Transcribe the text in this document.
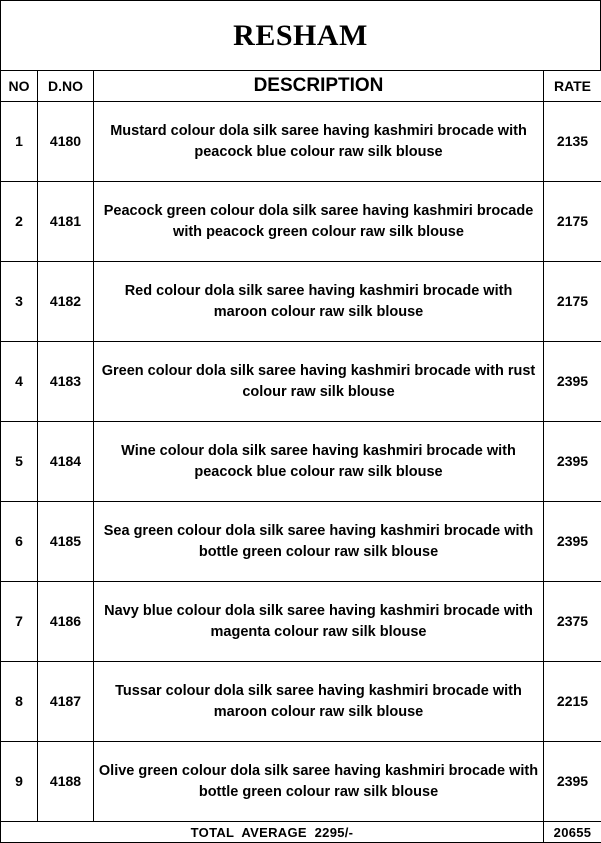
RESHAM
NO	D.NO	DESCRIPTION	RATE
1	4180	Mustard colour dola silk saree having kashmiri brocade with peacock blue colour raw silk blouse	2135
2	4181	Peacock green colour dola silk saree having kashmiri brocade with peacock green colour raw silk blouse	2175
3	4182	Red colour dola silk saree having kashmiri brocade with maroon colour raw silk blouse	2175
4	4183	Green colour dola silk saree having kashmiri brocade with rust colour raw silk blouse	2395
5	4184	Wine colour dola silk saree having kashmiri brocade with peacock blue colour raw silk blouse	2395
6	4185	Sea green colour dola silk saree having kashmiri brocade with bottle green colour raw silk blouse	2395
7	4186	Navy blue colour dola silk saree having kashmiri brocade with magenta colour raw silk blouse	2375
8	4187	Tussar colour dola silk saree having kashmiri brocade with maroon colour raw silk blouse	2215
9	4188	Olive green colour dola silk saree having kashmiri brocade with bottle green colour raw silk blouse	2395
TOTAL  AVERAGE  2295/-			20655
